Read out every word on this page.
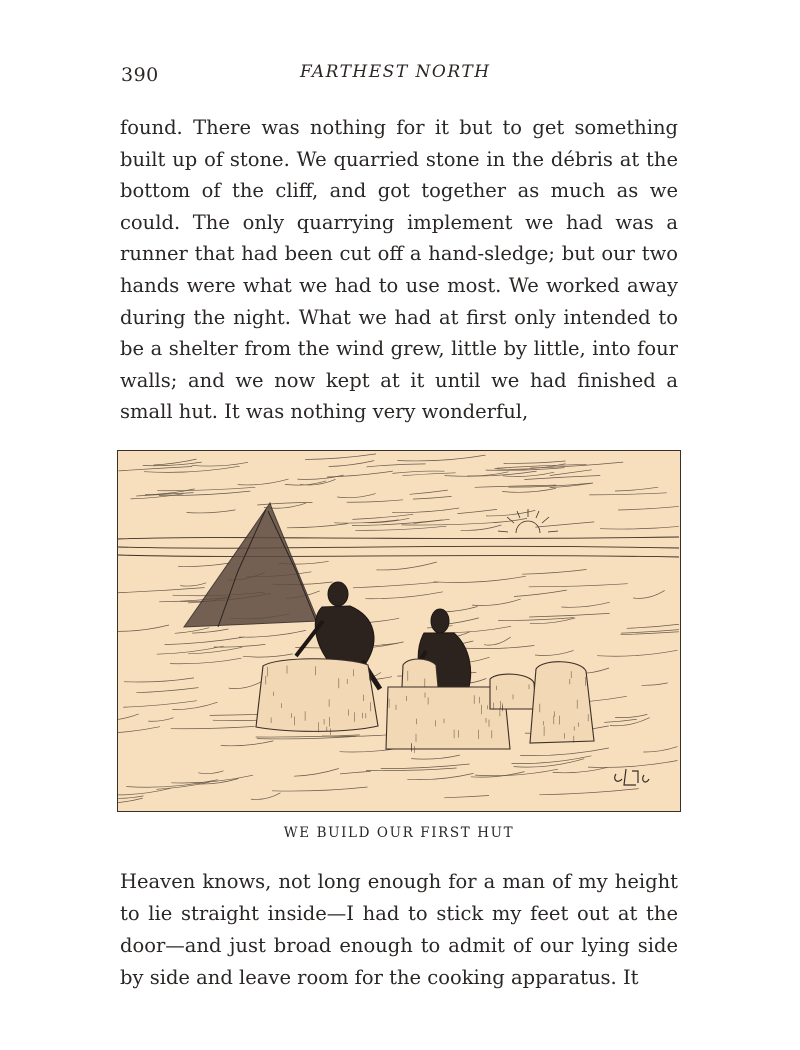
390	FARTHEST NORTH

found. There was nothing for it but to get something built up of stone. We quarried stone in the débris at the bottom of the cliff, and got together as much as we could. The only quarrying implement we had was a runner that had been cut off a hand-sledge; but our two hands were what we had to use most. We worked away during the night. What we had at first only intended to be a shelter from the wind grew, little by little, into four walls; and we now kept at it until we had finished a small hut. It was nothing very wonderful,

WE BUILD OUR FIRST HUT

Heaven knows, not long enough for a man of my height to lie straight inside—I had to stick my feet out at the door—and just broad enough to admit of our lying side by side and leave room for the cooking apparatus. It
